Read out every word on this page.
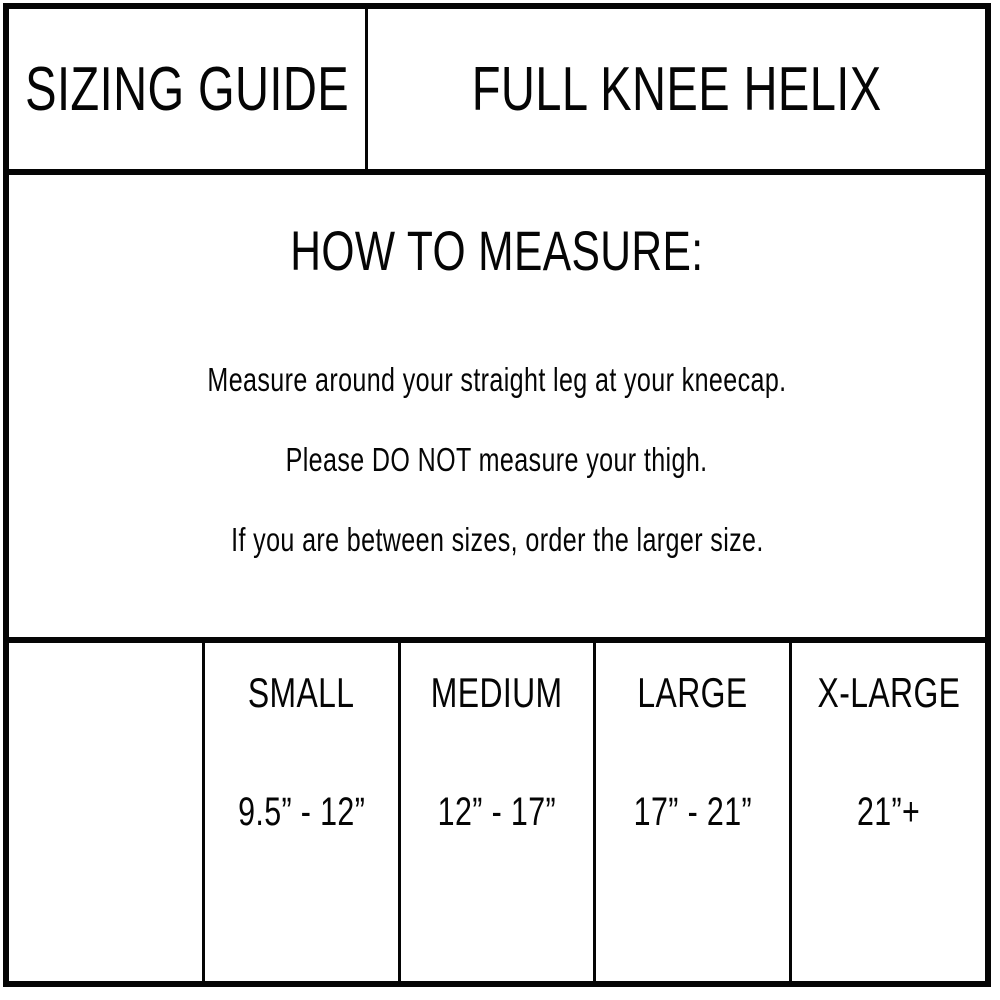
SIZING GUIDE FULL KNEE HELIX
HOW TO MEASURE:
Measure around your straight leg at your kneecap.
Please DO NOT measure your thigh.
If you are between sizes, order the larger size.
SMALL
9.5” - 12”
MEDIUM
12” - 17”
LARGE
17” - 21”
X-LARGE
21”+
